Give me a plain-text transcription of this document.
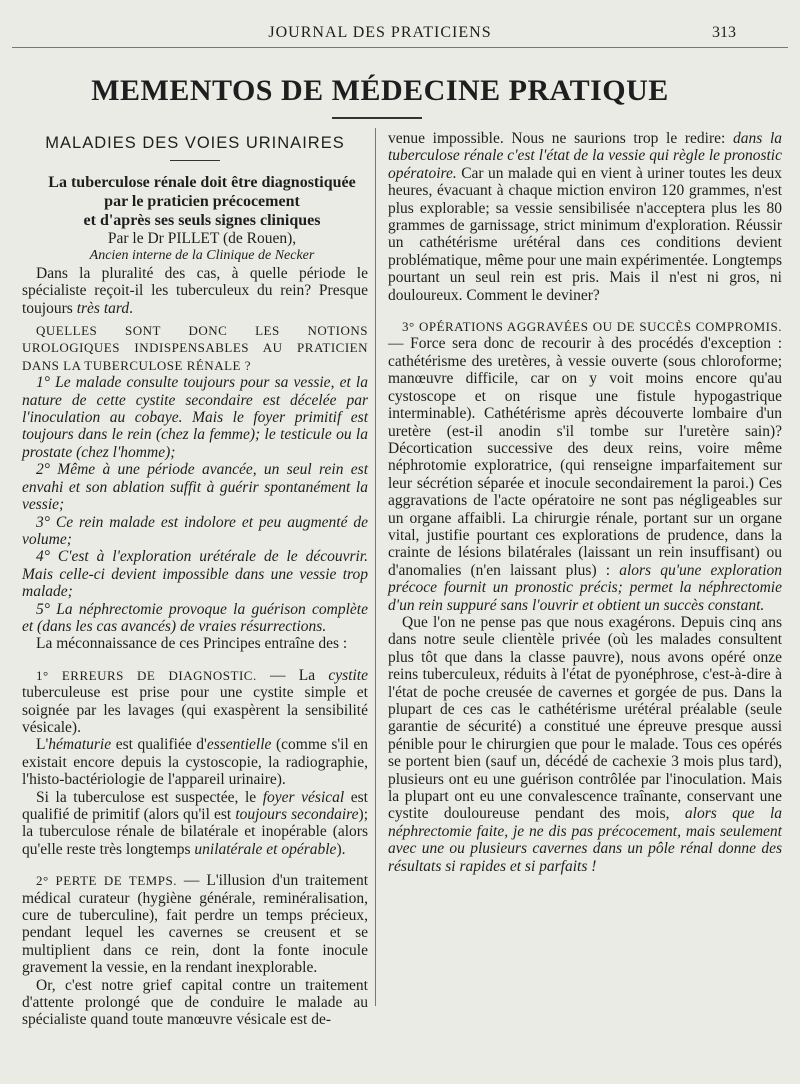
JOURNAL DES PRATICIENS	313
MEMENTOS DE MÉDECINE PRATIQUE
MALADIES DES VOIES URINAIRES

La tuberculose rénale doit être diagnostiquée

par le praticien précocement

et d'après ses seuls signes cliniques

Par le Dr PILLET (de Rouen),

Ancien interne de la Clinique de Necker

Dans la pluralité des cas, à quelle période le spécialiste reçoit-il les tuberculeux du rein? Presque toujours très tard.

QUELLES SONT DONC LES NOTIONS UROLOGIQUES INDISPENSABLES AU PRATICIEN DANS LA TUBERCULOSE RÉNALE ?

1° Le malade consulte toujours pour sa vessie, et la nature de cette cystite secondaire est décelée par l'inoculation au cobaye. Mais le foyer primitif est toujours dans le rein (chez la femme); le testicule ou la prostate (chez l'homme);

2° Même à une période avancée, un seul rein est envahi et son ablation suffit à guérir spontanément la vessie;

3° Ce rein malade est indolore et peu augmenté de volume;

4° C'est à l'exploration urétérale de le découvrir. Mais celle-ci devient impossible dans une vessie trop malade;

5° La néphrectomie provoque la guérison complète et (dans les cas avancés) de vraies résurrections.

La méconnaissance de ces Principes entraîne des :

1° ERREURS DE DIAGNOSTIC. — La cystite tuberculeuse est prise pour une cystite simple et soignée par les lavages (qui exaspèrent la sensibilité vésicale).

L'hématurie est qualifiée d'essentielle (comme s'il en existait encore depuis la cystoscopie, la radiographie, l'histo-bactériologie de l'appareil urinaire).

Si la tuberculose est suspectée, le foyer vésical est qualifié de primitif (alors qu'il est toujours secondaire); la tuberculose rénale de bilatérale et inopérable (alors qu'elle reste très longtemps unilatérale et opérable).

2° PERTE DE TEMPS. — L'illusion d'un traitement médical curateur (hygiène générale, reminéralisation, cure de tuberculine), fait perdre un temps précieux, pendant lequel les cavernes se creusent et se multiplient dans ce rein, dont la fonte inocule gravement la vessie, en la rendant inexplorable.

Or, c'est notre grief capital contre un traitement d'attente prolongé que de conduire le malade au spécialiste quand toute manœuvre vésicale est de-

venue impossible. Nous ne saurions trop le redire: dans la tuberculose rénale c'est l'état de la vessie qui règle le pronostic opératoire. Car un malade qui en vient à uriner toutes les deux heures, évacuant à chaque miction environ 120 grammes, n'est plus explorable; sa vessie sensibilisée n'acceptera plus les 80 grammes de garnissage, strict minimum d'exploration. Réussir un cathétérisme urétéral dans ces conditions devient problématique, même pour une main expérimentée. Longtemps pourtant un seul rein est pris. Mais il n'est ni gros, ni douloureux. Comment le deviner?

3° OPÉRATIONS AGGRAVÉES OU DE SUCCÈS COMPROMIS. — Force sera donc de recourir à des procédés d'exception : cathétérisme des uretères, à vessie ouverte (sous chloroforme; manœuvre difficile, car on y voit moins encore qu'au cystoscope et on risque une fistule hypogastrique interminable). Cathétérisme après découverte lombaire d'un uretère (est-il anodin s'il tombe sur l'uretère sain)? Décortication successive des deux reins, voire même néphrotomie exploratrice, (qui renseigne imparfaitement sur leur sécrétion séparée et inocule secondairement la paroi.) Ces aggravations de l'acte opératoire ne sont pas négligeables sur un organe affaibli. La chirurgie rénale, portant sur un organe vital, justifie pourtant ces explorations de prudence, dans la crainte de lésions bilatérales (laissant un rein insuffisant) ou d'anomalies (n'en laissant plus) : alors qu'une exploration précoce fournit un pronostic précis; permet la néphrectomie d'un rein suppuré sans l'ouvrir et obtient un succès constant.

Que l'on ne pense pas que nous exagérons. Depuis cinq ans dans notre seule clientèle privée (où les malades consultent plus tôt que dans la classe pauvre), nous avons opéré onze reins tuberculeux, réduits à l'état de pyonéphrose, c'est-à-dire à l'état de poche creusée de cavernes et gorgée de pus. Dans la plupart de ces cas le cathétérisme urétéral préalable (seule garantie de sécurité) a constitué une épreuve presque aussi pénible pour le chirurgien que pour le malade. Tous ces opérés se portent bien (sauf un, décédé de cachexie 3 mois plus tard), plusieurs ont eu une guérison contrôlée par l'inoculation. Mais la plupart ont eu une convalescence traînante, conservant une cystite douloureuse pendant des mois, alors que la néphrectomie faite, je ne dis pas précocement, mais seulement avec une ou plusieurs cavernes dans un pôle rénal donne des résultats si rapides et si parfaits !
